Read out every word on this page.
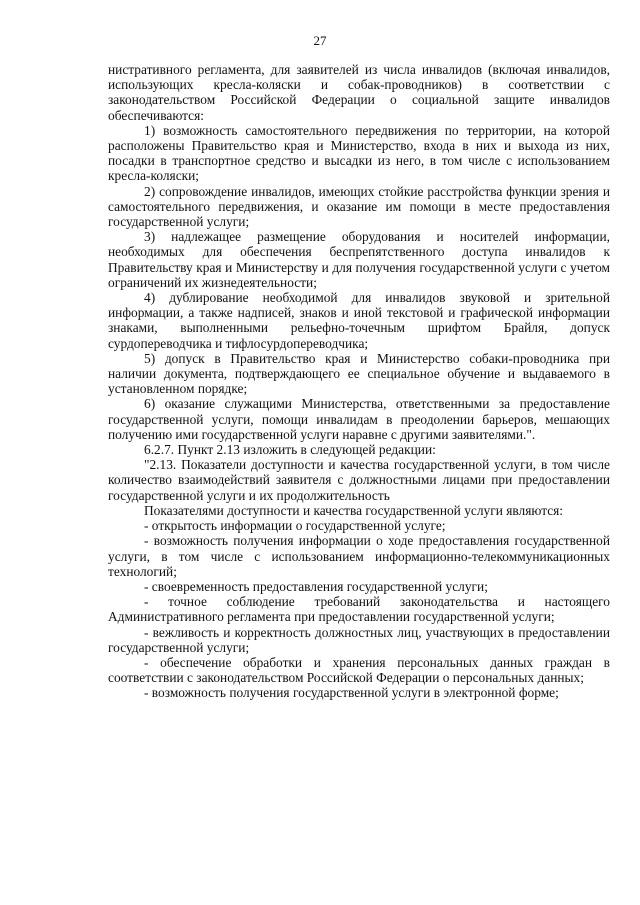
27

нистративного регламента, для заявителей из числа инвалидов (включая инвалидов, использующих кресла-коляски и собак-проводников) в соответствии с законодательством Российской Федерации о социальной защите инвалидов обеспечиваются:

1) возможность самостоятельного передвижения по территории, на которой расположены Правительство края и Министерство, входа в них и выхода из них, посадки в транспортное средство и высадки из него, в том числе с использованием кресла-коляски;

2) сопровождение инвалидов, имеющих стойкие расстройства функции зрения и самостоятельного передвижения, и оказание им помощи в месте предоставления государственной услуги;

3) надлежащее размещение оборудования и носителей информации, необходимых для обеспечения беспрепятственного доступа инвалидов к Правительству края и Министерству и для получения государственной услуги с учетом ограничений их жизнедеятельности;

4) дублирование необходимой для инвалидов звуковой и зрительной информации, а также надписей, знаков и иной текстовой и графической информации знаками, выполненными рельефно-точечным шрифтом Брайля, допуск сурдопереводчика и тифлосурдопереводчика;

5) допуск в Правительство края и Министерство собаки-проводника при наличии документа, подтверждающего ее специальное обучение и выдаваемого в установленном порядке;

6) оказание служащими Министерства, ответственными за предоставление государственной услуги, помощи инвалидам в преодолении барьеров, мешающих получению ими государственной услуги наравне с другими заявителями.".

6.2.7. Пункт 2.13 изложить в следующей редакции:

"2.13. Показатели доступности и качества государственной услуги, в том числе количество взаимодействий заявителя с должностными лицами при предоставлении государственной услуги и их продолжительность

Показателями доступности и качества государственной услуги являются:

- открытость информации о государственной услуге;

- возможность получения информации о ходе предоставления государственной услуги, в том числе с использованием информационно-телекоммуникационных технологий;

- своевременность предоставления государственной услуги;

- точное соблюдение требований законодательства и настоящего Административного регламента при предоставлении государственной услуги;

- вежливость и корректность должностных лиц, участвующих в предоставлении государственной услуги;

- обеспечение обработки и хранения персональных данных граждан в соответствии с законодательством Российской Федерации о персональных данных;

- возможность получения государственной услуги в электронной форме;
